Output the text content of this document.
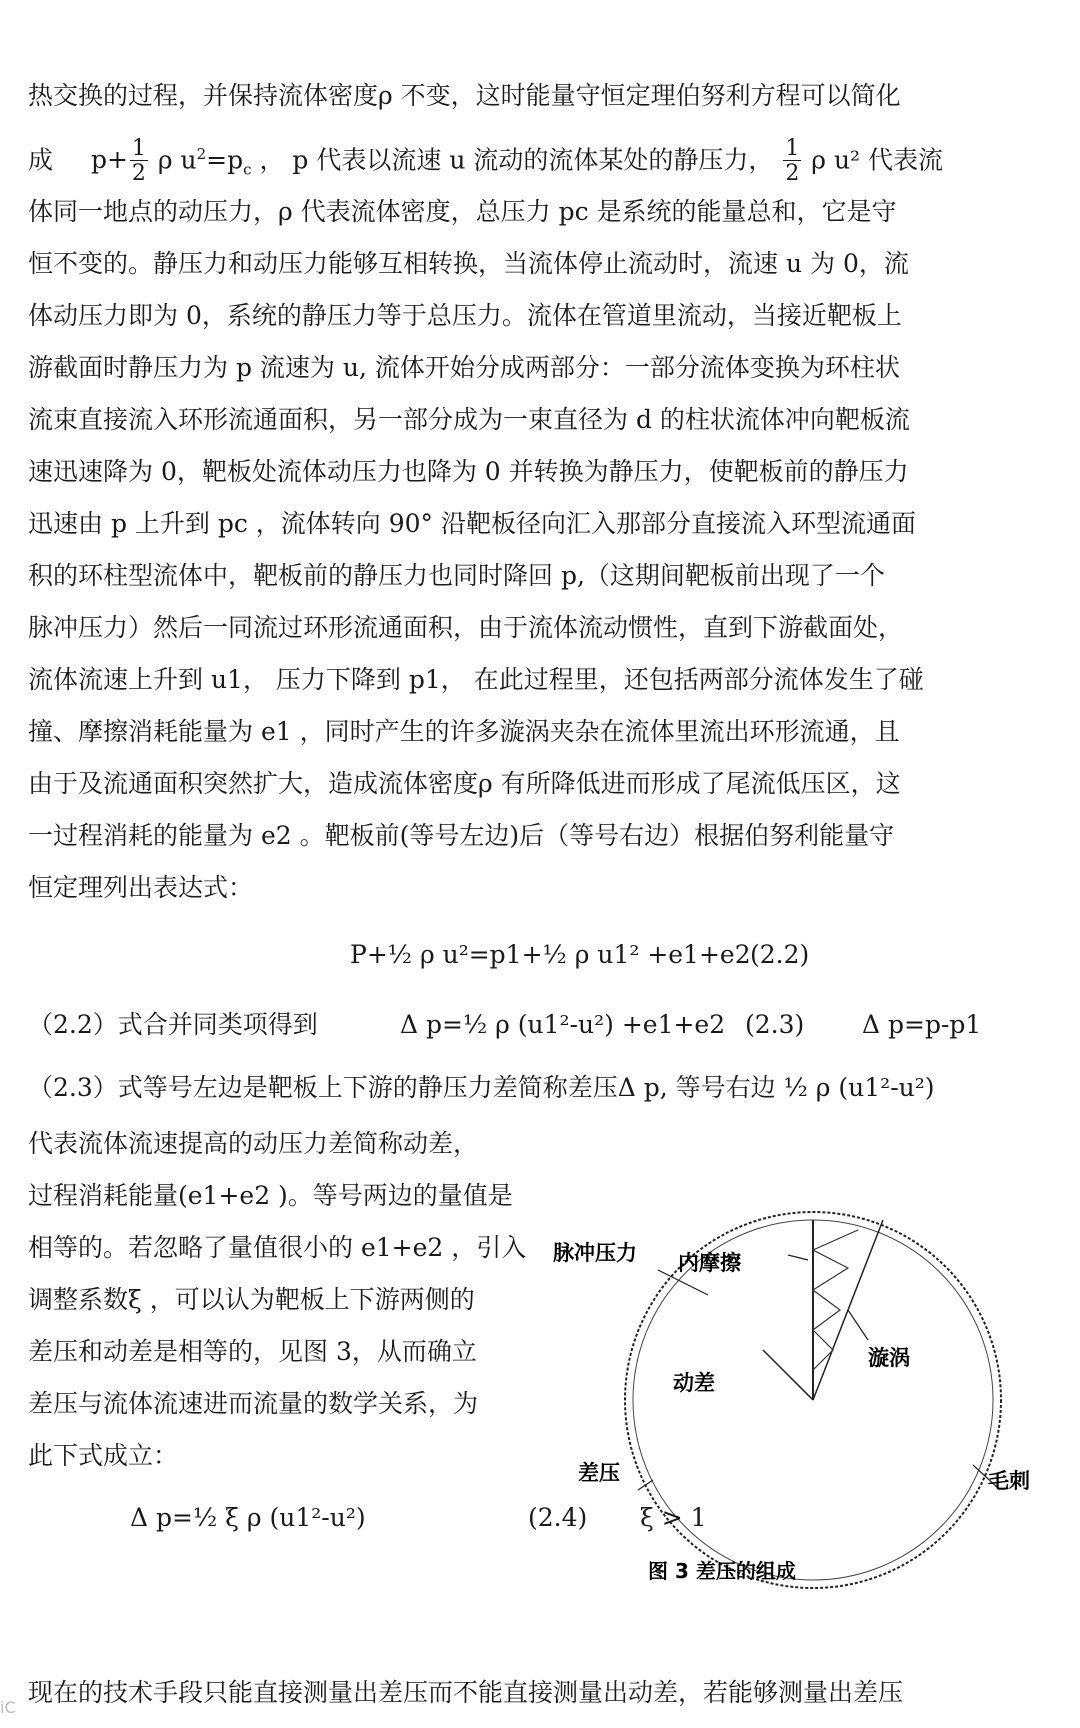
热交换的过程，并保持流体密度ρ 不变，这时能量守恒定理伯努利方程可以简化
成 $p+ \frac{1}{2}$ ρ $u^2=p_c$ ， p 代表以流速 u 流动的流体某处的静压力， $\frac{1}{2}$ ρ u² 代表流
体同一地点的动压力，ρ 代表流体密度，总压力 pc 是系统的能量总和，它是守
恒不变的。静压力和动压力能够互相转换，当流体停止流动时，流速 u 为 0，流
体动压力即为 0，系统的静压力等于总压力。流体在管道里流动，当接近靶板上
游截面时静压力为 p 流速为 u, 流体开始分成两部分：一部分流体变换为环柱状
流束直接流入环形流通面积，另一部分成为一束直径为 d 的柱状流体冲向靶板流
速迅速降为 0，靶板处流体动压力也降为 0 并转换为静压力，使靶板前的静压力
迅速由 p 上升到 pc ，流体转向 90° 沿靶板径向汇入那部分直接流入环型流通面
积的环柱型流体中，靶板前的静压力也同时降回 p,（这期间靶板前出现了一个
脉冲压力）然后一同流过环形流通面积，由于流体流动惯性，直到下游截面处，
流体流速上升到 u1， 压力下降到 p1， 在此过程里，还包括两部分流体发生了碰
撞、摩擦消耗能量为 e1 ，同时产生的许多漩涡夹杂在流体里流出环形流通，且
由于及流通面积突然扩大，造成流体密度ρ 有所降低进而形成了尾流低压区，这
一过程消耗的能量为 e2 。靶板前(等号左边)后（等号右边）根据伯努利能量守
恒定理列出表达式：
P+½ ρ u²=p1+½ ρ u1² +e1+e2 (2.2)
（2.2）式合并同类项得到	Δ p=½ ρ (u1²-u²) +e1+e2 (2.3) Δ p=p-p1
（2.3）式等号左边是靶板上下游的静压力差简称差压Δ p, 等号右边 ½ ρ (u1²-u²)
代表流体流速提高的动压力差简称动差，
过程消耗能量(e1+e2 )。等号两边的量值是
相等的。若忽略了量值很小的 e1+e2 ，引入
调整系数ξ ，可以认为靶板上下游两侧的
差压和动差是相等的，见图 3，从而确立
差压与流体流速进而流量的数学关系，为
此下式成立：
脉冲压力 内摩擦
漩涡
动差
差压	毛刺
图 3 差压的组成
Δ p=½ ξ ρ (u1²-u²)	(2.4) ξ > 1
现在的技术手段只能直接测量出差压而不能直接测量出动差，若能够测量出差压
iC
